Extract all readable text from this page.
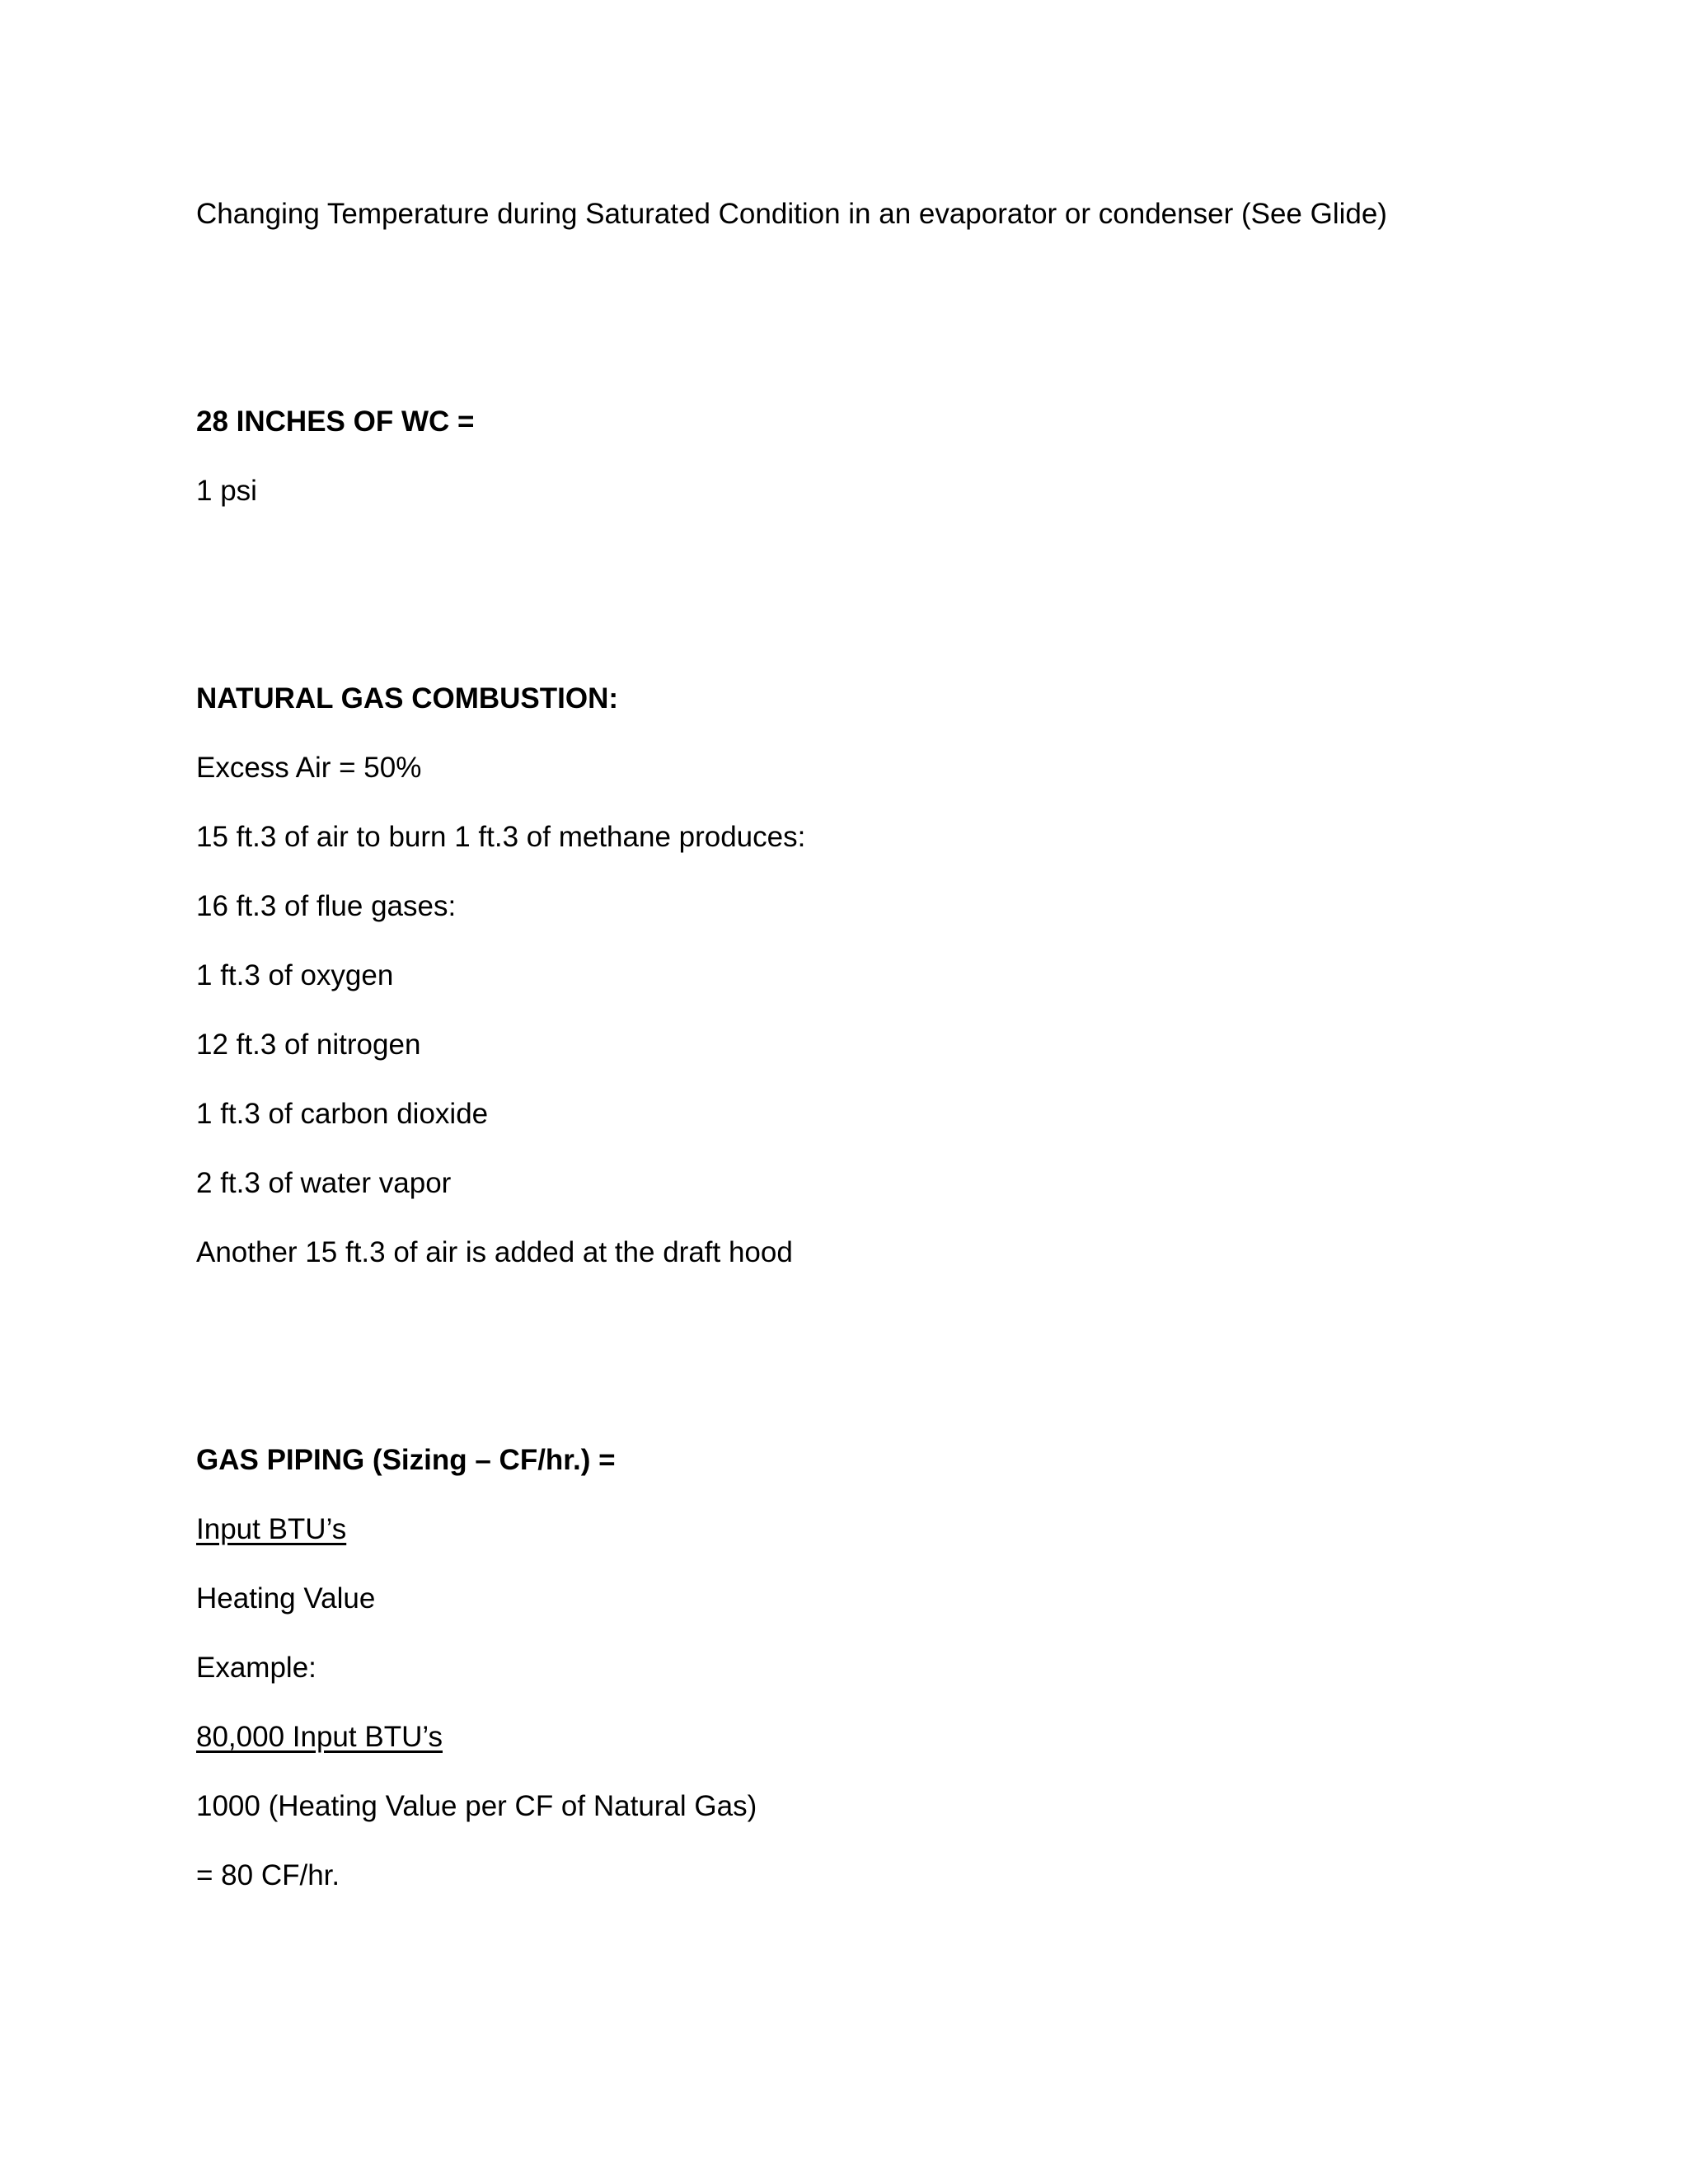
Changing Temperature during Saturated Condition in an evaporator or condenser (See Glide)

28 INCHES OF WC =

1 psi

NATURAL GAS COMBUSTION:

Excess Air = 50%

15 ft.3 of air to burn 1 ft.3 of methane produces:

16 ft.3 of flue gases:

1 ft.3 of oxygen

12 ft.3 of nitrogen

1 ft.3 of carbon dioxide

2 ft.3 of water vapor

Another 15 ft.3 of air is added at the draft hood

GAS PIPING (Sizing – CF/hr.) =

Input BTU’s

Heating Value

Example:

80,000 Input BTU’s

1000 (Heating Value per CF of Natural Gas)

= 80 CF/hr.
